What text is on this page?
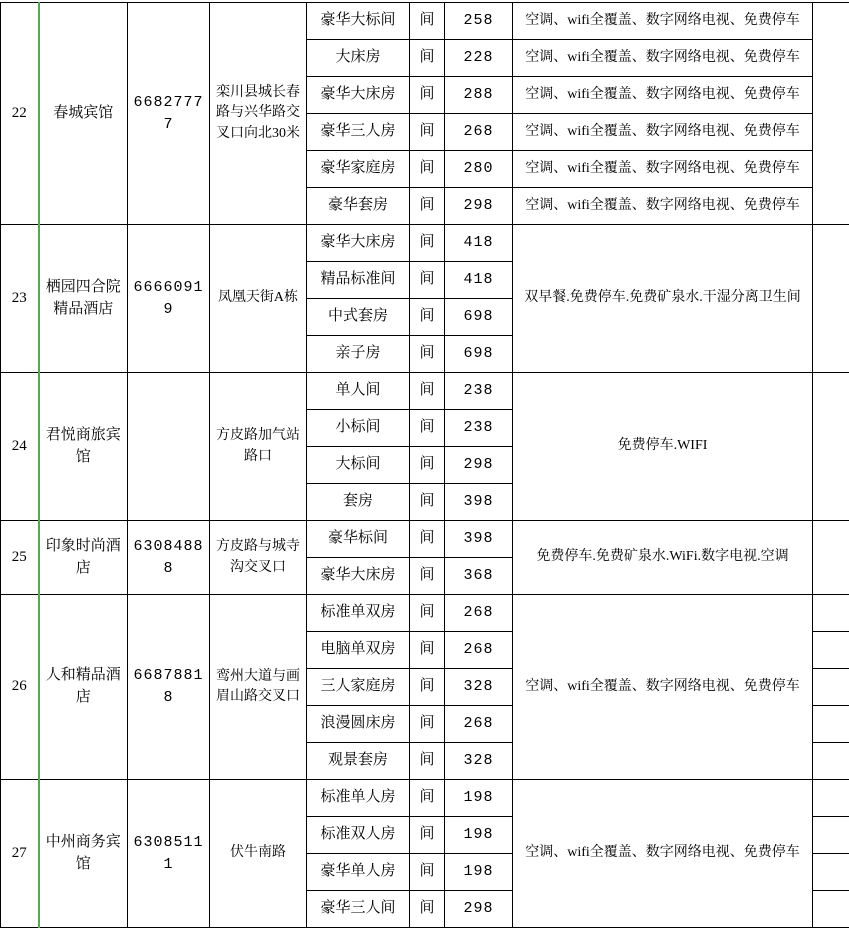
22	春城宾馆	66827777	栾川县城长春路与兴华路交叉口向北30米	豪华大标间	间	258	空调、wifi全覆盖、数字网络电视、免费停车	
				大床房	间	228	空调、wifi全覆盖、数字网络电视、免费停车	
				豪华大床房	间	288	空调、wifi全覆盖、数字网络电视、免费停车	
				豪华三人房	间	268	空调、wifi全覆盖、数字网络电视、免费停车	
				豪华家庭房	间	280	空调、wifi全覆盖、数字网络电视、免费停车	
				豪华套房	间	298	空调、wifi全覆盖、数字网络电视、免费停车	
23	栖园四合院精品酒店	66660919	凤凰天街A栋	豪华大床房	间	418	双早餐.免费停车.免费矿泉水.干湿分离卫生间	
				精品标准间	间	418		
				中式套房	间	698		
				亲子房	间	698		
24	君悦商旅宾馆		方皮路加气站路口	单人间	间	238	免费停车.WIFI	
				小标间	间	238		
				大标间	间	298		
				套房	间	398		
25	印象时尚酒店	63084888	方皮路与城寺沟交叉口	豪华标间	间	398	免费停车.免费矿泉水.WiFi.数字电视.空调	
				豪华大床房	间	368		
26	人和精品酒店	66878818	鸾州大道与画眉山路交叉口	标准单双房	间	268	空调、wifi全覆盖、数字网络电视、免费停车	
				电脑单双房	间	268		
				三人家庭房	间	328		
				浪漫圆床房	间	268		
				观景套房	间	328		
27	中州商务宾馆	63085111	伏牛南路	标准单人房	间	198	空调、wifi全覆盖、数字网络电视、免费停车	
				标准双人房	间	198		
				豪华单人房	间	198		
				豪华三人间	间	298		
